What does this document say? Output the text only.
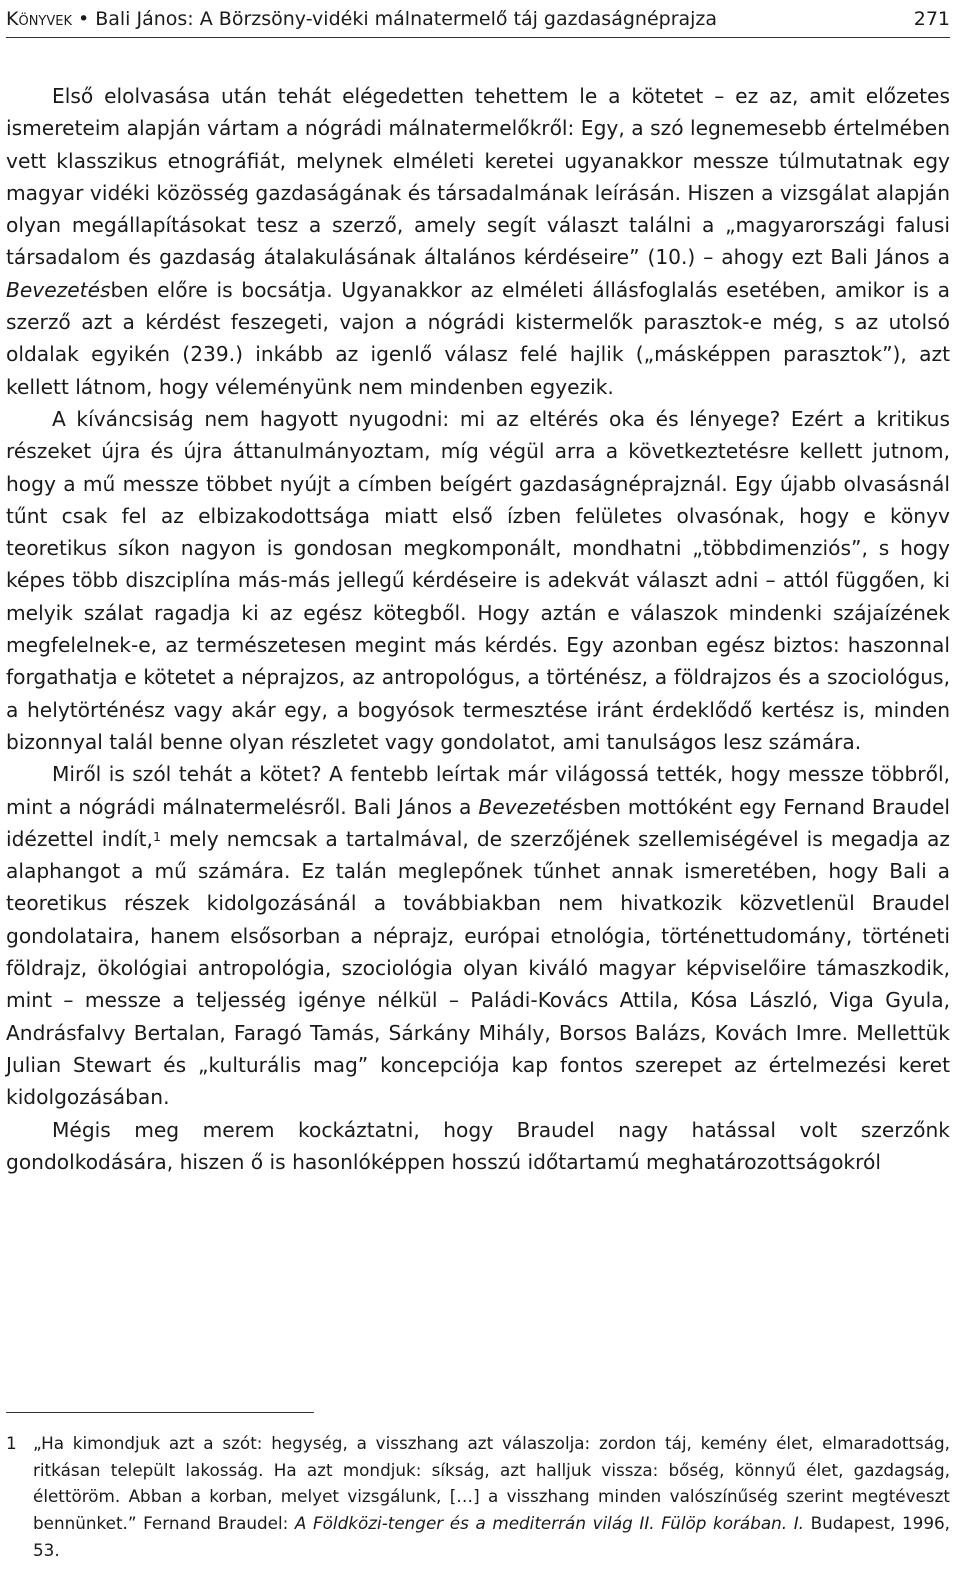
Könyvek • Bali János: A Börzsöny-vidéki málnatermelő táj gazdaságnéprajza	271

Első elolvasása után tehát elégedetten tehettem le a kötetet – ez az, amit előzetes ismereteim alapján vártam a nógrádi málnatermelőkről: Egy, a szó legnemesebb értelmében vett klasszikus etnográfiát, melynek elméleti keretei ugyanakkor messze túlmutatnak egy magyar vidéki közösség gazdaságának és társadalmának leírásán. Hiszen a vizsgálat alapján olyan megállapításokat tesz a szerző, amely segít választ találni a „magyarországi falusi társadalom és gazdaság átalakulásának általános kérdéseire” (10.) – ahogy ezt Bali János a Bevezetésben előre is bocsátja. Ugyanakkor az elméleti állásfoglalás esetében, amikor is a szerző azt a kérdést feszegeti, vajon a nógrádi kistermelők parasztok-e még, s az utolsó oldalak egyikén (239.) inkább az igenlő válasz felé hajlik („másképpen parasztok”), azt kellett látnom, hogy véleményünk nem mindenben egyezik.

A kíváncsiság nem hagyott nyugodni: mi az eltérés oka és lényege? Ezért a kritikus részeket újra és újra áttanulmányoztam, míg végül arra a következtetésre kellett jutnom, hogy a mű messze többet nyújt a címben beígért gazdaságnéprajznál. Egy újabb olvasásnál tűnt csak fel az elbizakodottsága miatt első ízben felületes olvasónak, hogy e könyv teoretikus síkon nagyon is gondosan megkomponált, mondhatni „többdimenziós”, s hogy képes több diszciplína más-más jellegű kérdéseire is adekvát választ adni – attól függően, ki melyik szálat ragadja ki az egész kötegből. Hogy aztán e válaszok mindenki szájaízének megfelelnek-e, az természetesen megint más kérdés. Egy azonban egész biztos: haszonnal forgathatja e kötetet a néprajzos, az antropológus, a történész, a földrajzos és a szociológus, a helytörténész vagy akár egy, a bogyósok termesztése iránt érdeklődő kertész is, minden bizonnyal talál benne olyan részletet vagy gondolatot, ami tanulságos lesz számára.

Miről is szól tehát a kötet? A fentebb leírtak már világossá tették, hogy messze többről, mint a nógrádi málnatermelésről. Bali János a Bevezetésben mottóként egy Fernand Braudel idézettel indít,$^1$ mely nemcsak a tartalmával, de szerzőjének szellemiségével is megadja az alaphangot a mű számára. Ez talán meglepőnek tűnhet annak ismeretében, hogy Bali a teoretikus részek kidolgozásánál a továbbiakban nem hivatkozik közvetlenül Braudel gondolataira, hanem elsősorban a néprajz, európai etnológia, történettudomány, történeti földrajz, ökológiai antropológia, szociológia olyan kiváló magyar képviselőire támaszkodik, mint – messze a teljesség igénye nélkül – Paládi-Kovács Attila, Kósa László, Viga Gyula, Andrásfalvy Bertalan, Faragó Tamás, Sárkány Mihály, Borsos Balázs, Kovách Imre. Mellettük Julian Stewart és „kulturális mag” koncepciója kap fontos szerepet az értelmezési keret kidolgozásában.

Mégis meg merem kockáztatni, hogy Braudel nagy hatással volt szerzőnk gondolkodására, hiszen ő is hasonlóképpen hosszú időtartamú meghatározottságokról

1 „Ha kimondjuk azt a szót: hegység, a visszhang azt válaszolja: zordon táj, kemény élet, elmaradottság, ritkásan települt lakosság. Ha azt mondjuk: síkság, azt halljuk vissza: bőség, könnyű élet, gazdagság, élettöröm. Abban a korban, melyet vizsgálunk, […] a visszhang minden valószínűség szerint megtéveszt bennünket.” Fernand Braudel: A Földközi-tenger és a mediterrán világ II. Fülöp korában. I. Budapest, 1996, 53.
